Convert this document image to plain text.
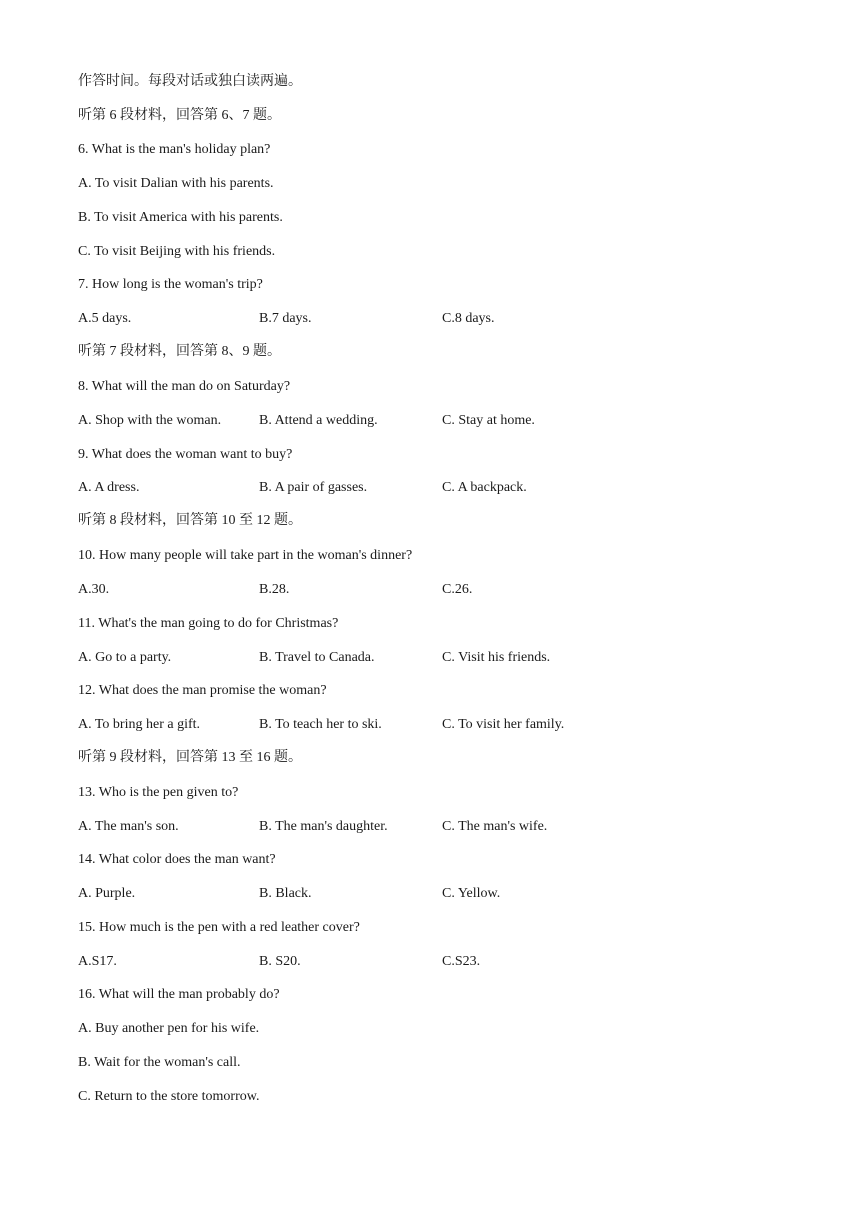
作答时间。每段对话或独白读两遍。
听第 6 段材料，回答第 6、7 题。
6. What is the man's holiday plan?
A. To visit Dalian with his parents.
B. To visit America with his parents.
C. To visit Beijing with his friends.
7. How long is the woman's trip?
A.5 days.	B.7 days.	C.8 days.
听第 7 段材料，回答第 8、9 题。
8. What will the man do on Saturday?
A. Shop with the woman.	B. Attend a wedding.	C. Stay at home.
9. What does the woman want to buy?
A. A dress.	B. A pair of gasses.	C. A backpack.
听第 8 段材料，回答第 10 至 12 题。
10. How many people will take part in the woman's dinner?
A.30.	B.28.	C.26.
11. What's the man going to do for Christmas?
A. Go to a party.	B. Travel to Canada.	C. Visit his friends.
12. What does the man promise the woman?
A. To bring her a gift.	B. To teach her to ski.	C. To visit her family.
听第 9 段材料，回答第 13 至 16 题。
13. Who is the pen given to?
A. The man's son.	B. The man's daughter.	C. The man's wife.
14. What color does the man want?
A. Purple.	B. Black.	C. Yellow.
15. How much is the pen with a red leather cover?
A.S17.	B. S20.	C.S23.
16. What will the man probably do?
A. Buy another pen for his wife.
B. Wait for the woman's call.
C. Return to the store tomorrow.
